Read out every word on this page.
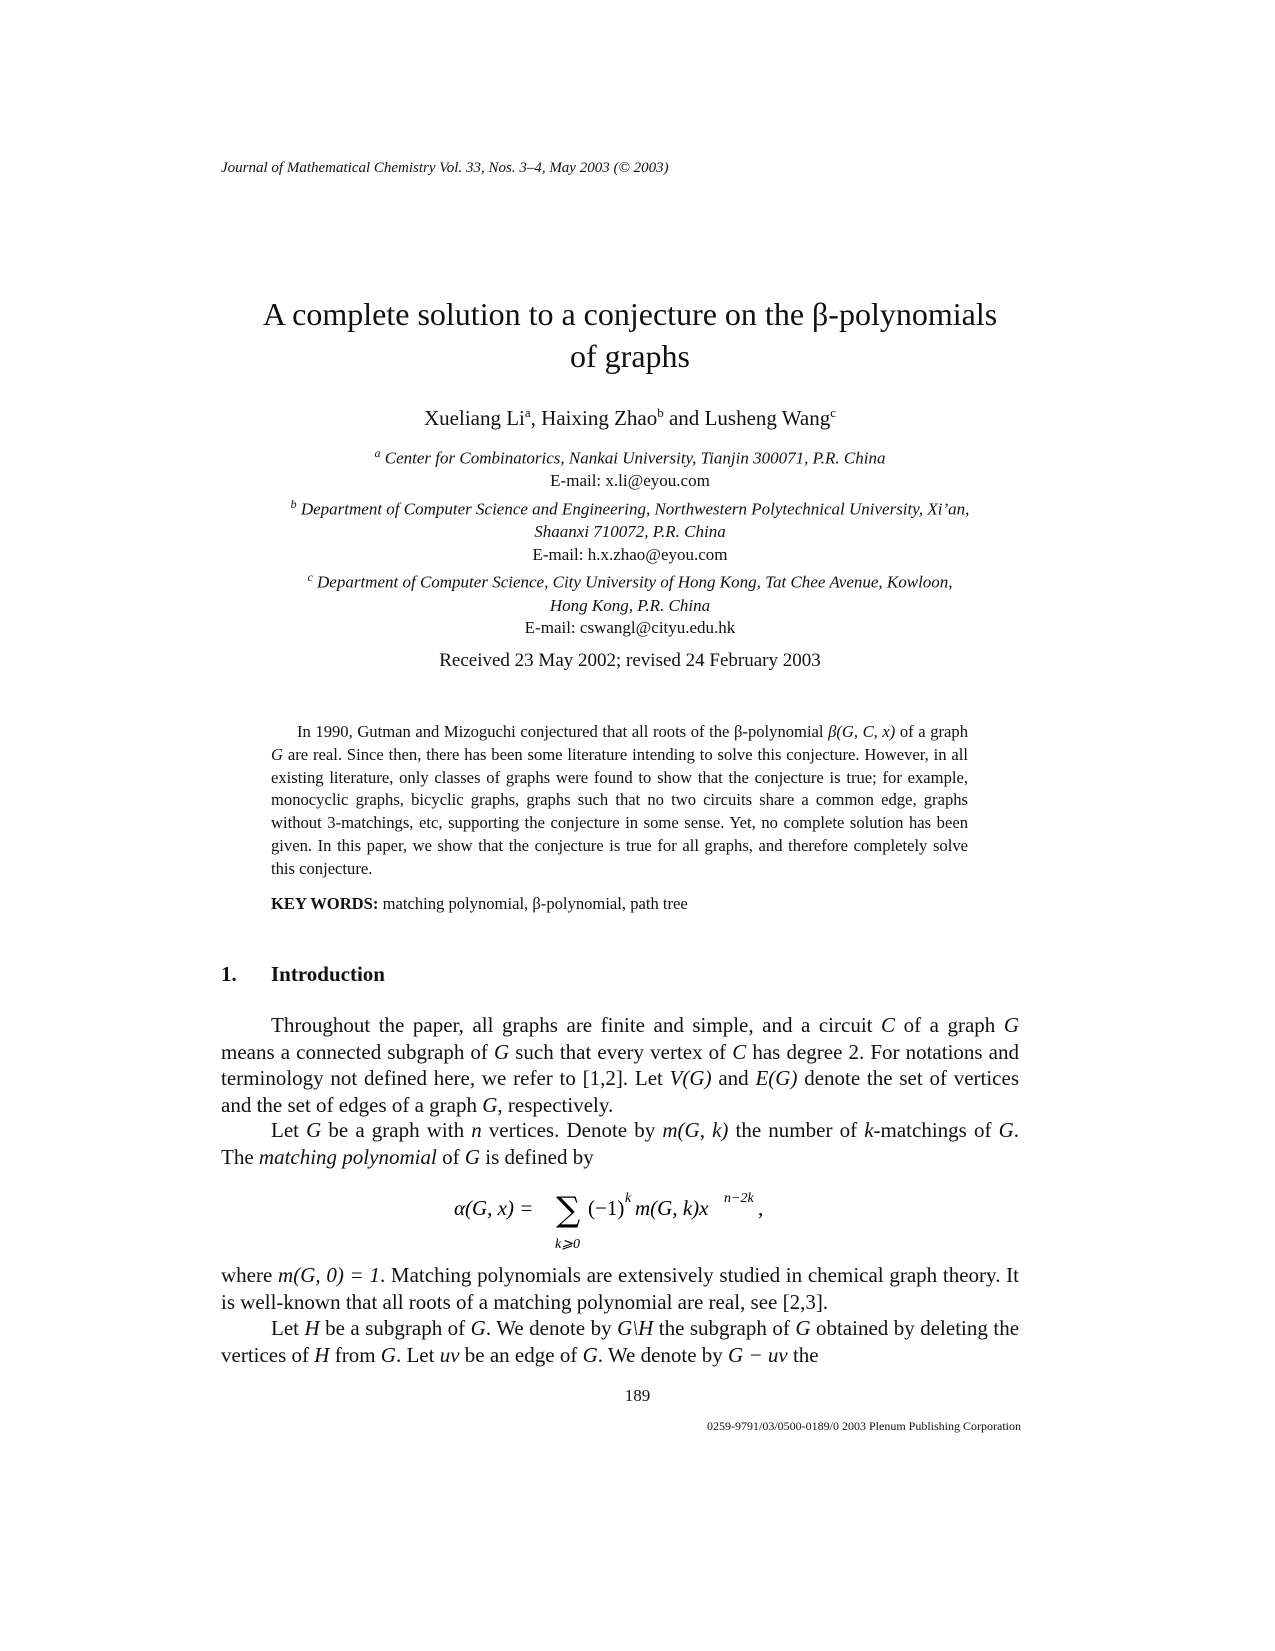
Journal of Mathematical Chemistry Vol. 33, Nos. 3–4, May 2003 (© 2003)
A complete solution to a conjecture on the β-polynomials
of graphs
Xueliang Li$^a$, Haixing Zhao$^b$ and Lusheng Wang$^c$
$^a$ Center for Combinatorics, Nankai University, Tianjin 300071, P.R. China
E-mail: x.li@eyou.com
$^b$ Department of Computer Science and Engineering, Northwestern Polytechnical University, Xi’an,
Shaanxi 710072, P.R. China
E-mail: h.x.zhao@eyou.com
$^c$ Department of Computer Science, City University of Hong Kong, Tat Chee Avenue, Kowloon,
Hong Kong, P.R. China
E-mail: cswangl@cityu.edu.hk
Received 23 May 2002; revised 24 February 2003
In 1990, Gutman and Mizoguchi conjectured that all roots of the β-polynomial β(G, C, x) of a graph G are real. Since then, there has been some literature intending to solve this conjecture. However, in all existing literature, only classes of graphs were found to show that the conjecture is true; for example, monocyclic graphs, bicyclic graphs, graphs such that no two circuits share a common edge, graphs without 3-matchings, etc, supporting the conjecture in some sense. Yet, no complete solution has been given. In this paper, we show that the conjecture is true for all graphs, and therefore completely solve this conjecture.
KEY WORDS: matching polynomial, β-polynomial, path tree
1. Introduction

Throughout the paper, all graphs are finite and simple, and a circuit C of a graph G means a connected subgraph of G such that every vertex of C has degree 2. For notations and terminology not defined here, we refer to [1,2]. Let V(G) and E(G) denote the set of vertices and the set of edges of a graph G, respectively.

Let G be a graph with n vertices. Denote by m(G, k) the number of k-matchings of G. The matching polynomial of G is defined by

α(G, x) = ∑
k⩾0
(−1) k m(G, k)x n−2k ,

where m(G, 0) = 1. Matching polynomials are extensively studied in chemical graph theory. It is well-known that all roots of a matching polynomial are real, see [2,3].

Let H be a subgraph of G. We denote by G\H the subgraph of G obtained by deleting the vertices of H from G. Let uv be an edge of G. We denote by G − uv the

189
0259-9791/03/0500-0189/0 2003 Plenum Publishing Corporation
